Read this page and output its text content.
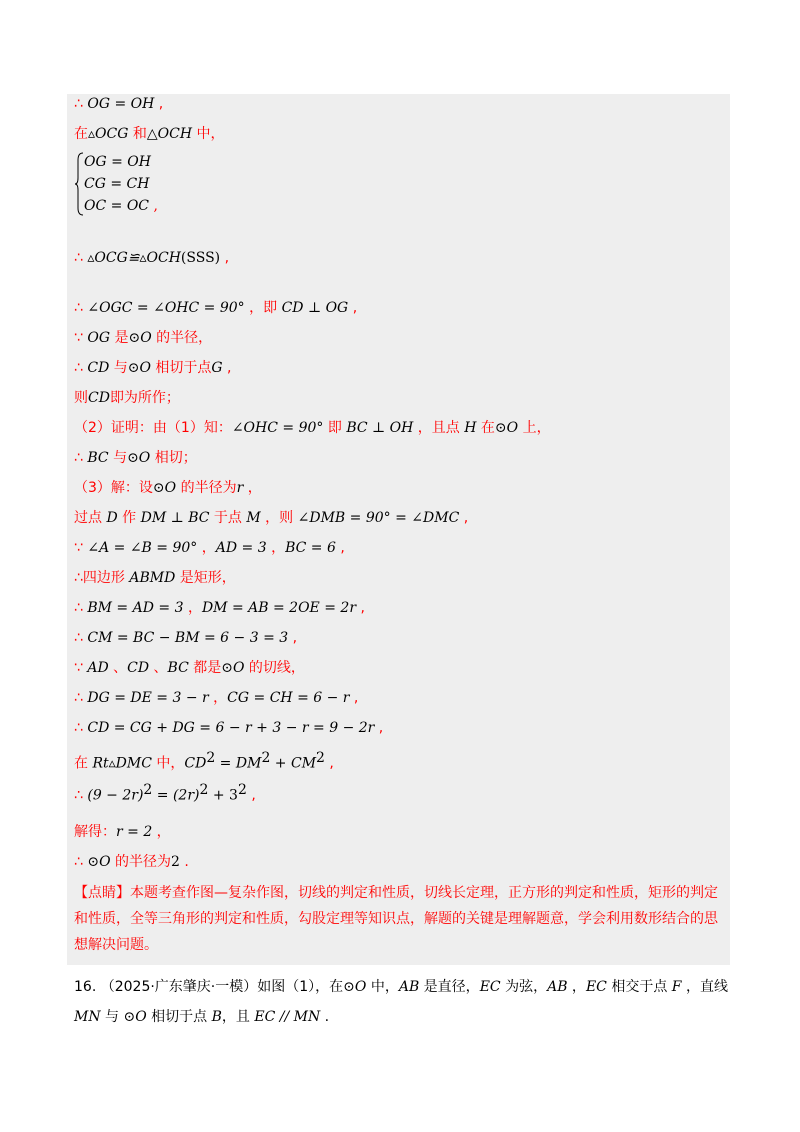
∴ OG = OH ,
在▵OCG 和△OCH 中，
OG = OH
CG = CH
OC = OC ,
∴ ▵OCG≌▵OCH(SSS) ,
∴ ∠OGC = ∠OHC = 90° ，即 CD ⊥ OG ,
∵ OG 是⊙O 的半径，
∴ CD 与⊙O 相切于点G ,
则CD即为所作；
（2）证明：由（1）知：∠OHC = 90° 即 BC ⊥ OH ，且点 H 在⊙O 上，
∴ BC 与⊙O 相切；
（3）解：设⊙O 的半径为r ，
过点 D 作 DM ⊥ BC 于点 M ，则 ∠DMB = 90° = ∠DMC ,
∵ ∠A = ∠B = 90° ，AD = 3 ，BC = 6 ,
∴四边形 ABMD 是矩形，
∴ BM = AD = 3 ，DM = AB = 2OE = 2r ,
∴ CM = BC − BM = 6 − 3 = 3 ,
∵ AD 、CD 、BC 都是⊙O 的切线，
∴ DG = DE = 3 − r ，CG = CH = 6 − r ,
∴ CD = CG + DG = 6 − r + 3 − r = 9 − 2r ,
在 Rt▵DMC 中，$CD^2 = DM^2 + CM^2$ ,
∴ $(9 - 2r)^2 = (2r)^2 + 3^2$ ,
解得：r = 2 ，
∴ ⊙O 的半径为2 .
【点睛】本题考查作图—复杂作图，切线的判定和性质，切线长定理，正方形的判定和性质，矩形的判定和性质，全等三角形的判定和性质，勾股定理等知识点，解题的关键是理解题意，学会利用数形结合的思想解决问题。
16. （2025·广东肇庆·一模）如图（1），在⊙O 中，AB 是直径，EC 为弦，AB ，EC 相交于点 F ，直线MN 与 ⊙O 相切于点 B，且 EC // MN .
